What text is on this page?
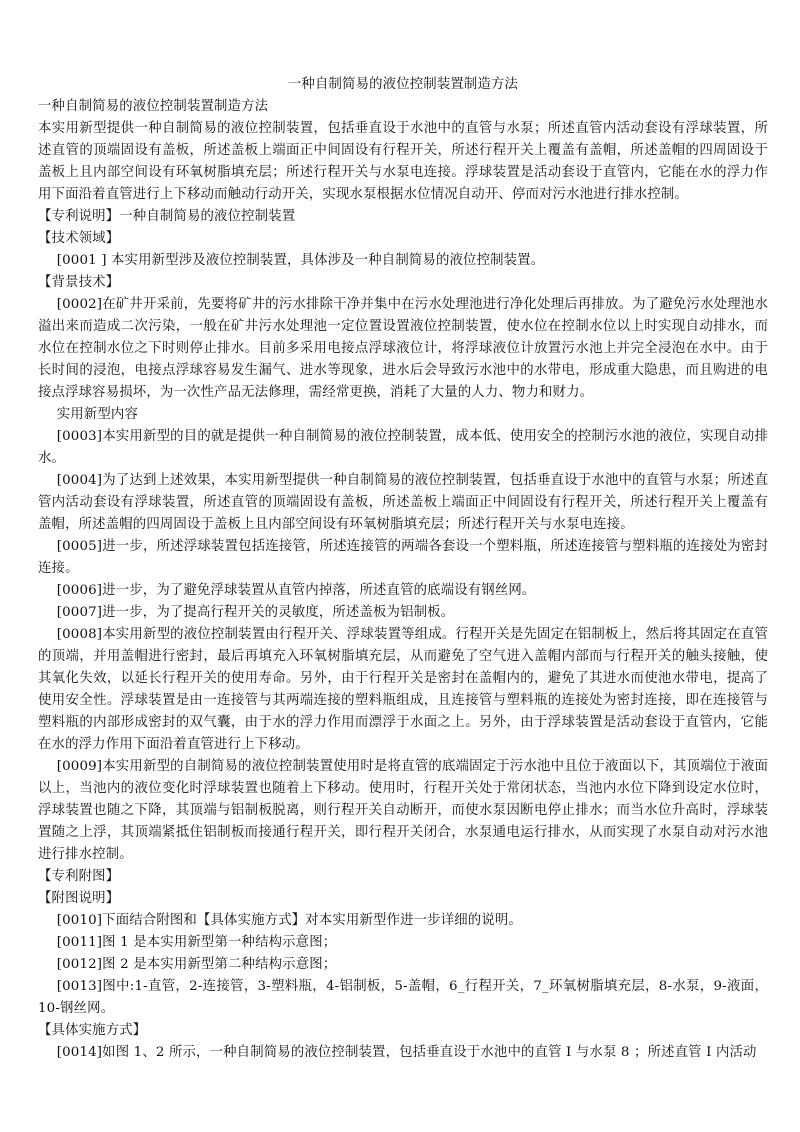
一种自制简易的液位控制装置制造方法
一种自制简易的液位控制装置制造方法

本实用新型提供一种自制简易的液位控制装置，包括垂直设于水池中的直管与水泵；所述直管内活动套设有浮球装置，所述直管的顶端固设有盖板，所述盖板上端面正中间固设有行程开关，所述行程开关上覆盖有盖帽，所述盖帽的四周固设于盖板上且内部空间设有环氧树脂填充层；所述行程开关与水泵电连接。浮球装置是活动套设于直管内，它能在水的浮力作用下面沿着直管进行上下移动而触动行动开关，实现水泵根据水位情况自动开、停而对污水池进行排水控制。

【专利说明】一种自制简易的液位控制装置
【技术领域】

[0001 ] 本实用新型涉及液位控制装置，具体涉及一种自制简易的液位控制装置。

【背景技术】

[0002]在矿井开采前，先要将矿井的污水排除干净并集中在污水处理池进行净化处理后再排放。为了避免污水处理池水溢出来而造成二次污染，一般在矿井污水处理池一定位置设置液位控制装置，使水位在控制水位以上时实现自动排水，而水位在控制水位之下时则停止排水。目前多采用电接点浮球液位计，将浮球液位计放置污水池上并完全浸泡在水中。由于长时间的浸泡，电接点浮球容易发生漏气、进水等现象，进水后会导致污水池中的水带电，形成重大隐患，而且购进的电接点浮球容易损坏，为一次性产品无法修理，需经常更换，消耗了大量的人力、物力和财力。

实用新型内容

[0003]本实用新型的目的就是提供一种自制简易的液位控制装置，成本低、使用安全的控制污水池的液位，实现自动排水。

[0004]为了达到上述效果，本实用新型提供一种自制简易的液位控制装置，包括垂直设于水池中的直管与水泵；所述直管内活动套设有浮球装置，所述直管的顶端固设有盖板，所述盖板上端面正中间固设有行程开关，所述行程开关上覆盖有盖帽，所述盖帽的四周固设于盖板上且内部空间设有环氧树脂填充层；所述行程开关与水泵电连接。

[0005]进一步，所述浮球装置包括连接管，所述连接管的两端各套设一个塑料瓶，所述连接管与塑料瓶的连接处为密封连接。

[0006]进一步，为了避免浮球装置从直管内掉落，所述直管的底端设有钢丝网。

[0007]进一步，为了提高行程开关的灵敏度，所述盖板为铝制板。

[0008]本实用新型的液位控制装置由行程开关、浮球装置等组成。行程开关是先固定在铝制板上，然后将其固定在直管的顶端，并用盖帽进行密封，最后再填充入环氧树脂填充层，从而避免了空气进入盖帽内部而与行程开关的触头接触，使其氧化失效，以延长行程开关的使用寿命。另外，由于行程开关是密封在盖帽内的，避免了其进水而使池水带电，提高了使用安全性。浮球装置是由一连接管与其两端连接的塑料瓶组成，且连接管与塑料瓶的连接处为密封连接，即在连接管与塑料瓶的内部形成密封的双气囊，由于水的浮力作用而漂浮于水面之上。另外，由于浮球装置是活动套设于直管内，它能在水的浮力作用下面沿着直管进行上下移动。

[0009]本实用新型的自制简易的液位控制装置使用时是将直管的底端固定于污水池中且位于液面以下，其顶端位于液面以上，当池内的液位变化时浮球装置也随着上下移动。使用时，行程开关处于常闭状态，当池内水位下降到设定水位时，浮球装置也随之下降，其顶端与铝制板脱离，则行程开关自动断开，而使水泵因断电停止排水；而当水位升高时，浮球装置随之上浮，其顶端紧抵住铝制板而接通行程开关，即行程开关闭合，水泵通电运行排水，从而实现了水泵自动对污水池进行排水控制。

【专利附图】
【附图说明】

[0010]下面结合附图和【具体实施方式】对本实用新型作进一步详细的说明。

[0011]图 1 是本实用新型第一种结构示意图；

[0012]图 2 是本实用新型第二种结构示意图；

[0013]图中:1-直管，2-连接管，3-塑料瓶，4-铝制板，5-盖帽，6_行程开关，7_环氧树脂填充层，8-水泵，9-液面，10-钢丝网。

【具体实施方式】

[0014]如图 1、2 所示，一种自制简易的液位控制装置，包括垂直设于水池中的直管 I 与水泵 8 ；所述直管 I 内活动
